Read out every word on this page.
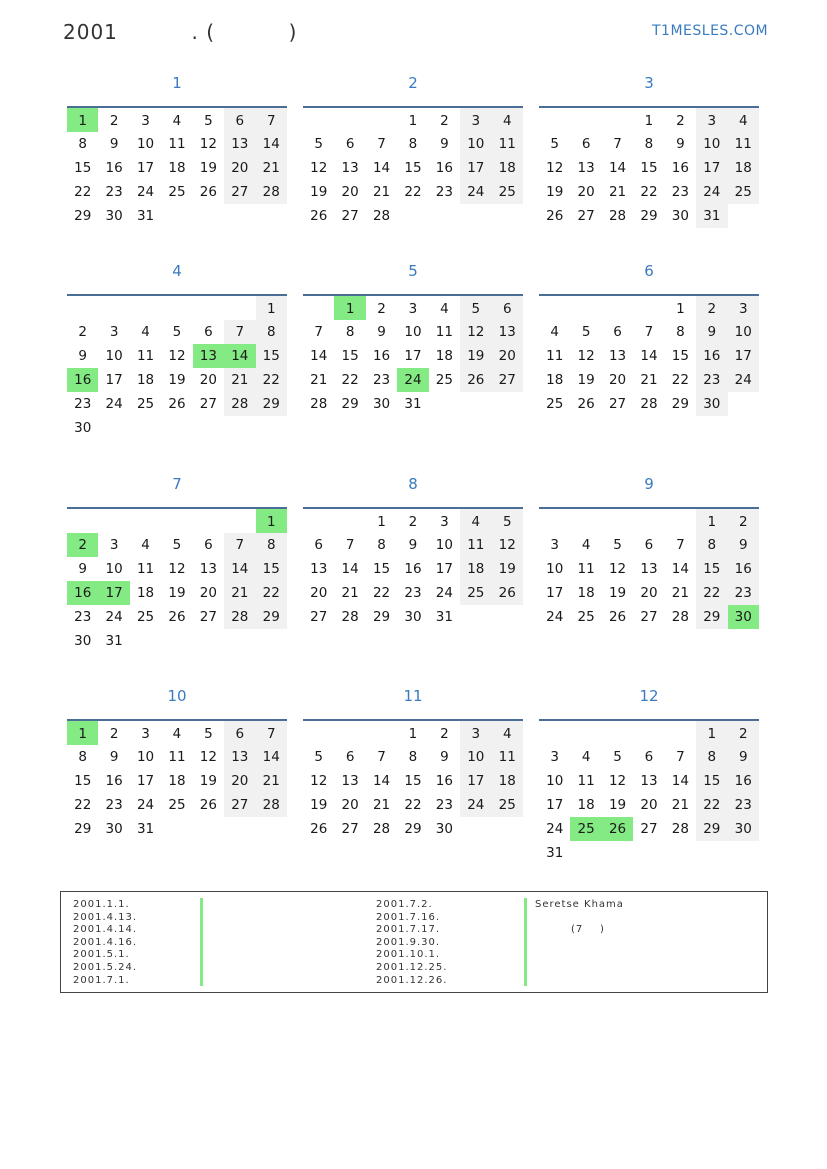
2001          . (          )	T1MESLES.COM
1
1	2	3	4	5	6	7
8	9	10	11	12	13	14
15	16	17	18	19	20	21
22	23	24	25	26	27	28
29	30	31				
2
			1	2	3	4
5	6	7	8	9	10	11
12	13	14	15	16	17	18
19	20	21	22	23	24	25
26	27	28				
3
			1	2	3	4
5	6	7	8	9	10	11
12	13	14	15	16	17	18
19	20	21	22	23	24	25
26	27	28	29	30	31	
4
						1
2	3	4	5	6	7	8
9	10	11	12	13	14	15
16	17	18	19	20	21	22
23	24	25	26	27	28	29
30						
5
	1	2	3	4	5	6
7	8	9	10	11	12	13
14	15	16	17	18	19	20
21	22	23	24	25	26	27
28	29	30	31			
6
				1	2	3
4	5	6	7	8	9	10
11	12	13	14	15	16	17
18	19	20	21	22	23	24
25	26	27	28	29	30	
7
						1
2	3	4	5	6	7	8
9	10	11	12	13	14	15
16	17	18	19	20	21	22
23	24	25	26	27	28	29
30	31					
8
		1	2	3	4	5
6	7	8	9	10	11	12
13	14	15	16	17	18	19
20	21	22	23	24	25	26
27	28	29	30	31		
9
					1	2
3	4	5	6	7	8	9
10	11	12	13	14	15	16
17	18	19	20	21	22	23
24	25	26	27	28	29	30
10
1	2	3	4	5	6	7
8	9	10	11	12	13	14
15	16	17	18	19	20	21
22	23	24	25	26	27	28
29	30	31				
11
			1	2	3	4
5	6	7	8	9	10	11
12	13	14	15	16	17	18
19	20	21	22	23	24	25
26	27	28	29	30		
12
					1	2
3	4	5	6	7	8	9
10	11	12	13	14	15	16
17	18	19	20	21	22	23
24	25	26	27	28	29	30
31						
2001.1.1.
2001.4.13.
2001.4.14.
2001.4.16.
2001.5.1.
2001.5.24.
2001.7.1.
2001.7.2.
2001.7.16.
2001.7.17.
2001.9.30.
2001.10.1.
2001.12.25.
2001.12.26.
Seretse Khama
(7    )
